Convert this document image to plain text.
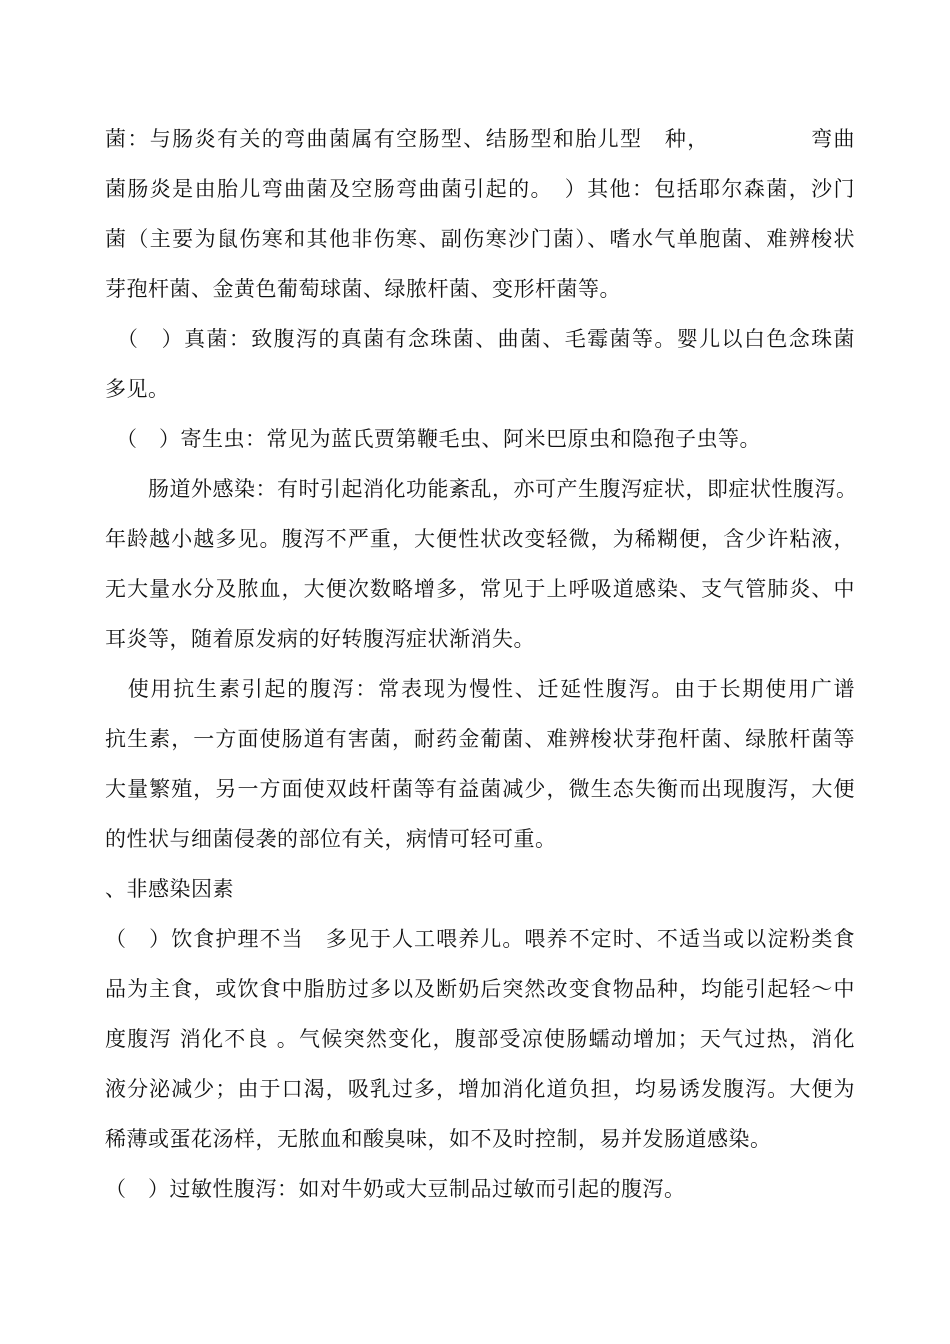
菌：与肠炎有关的弯曲菌属有空肠型、结肠型和胎儿型　种，　　　　　弯曲
菌肠炎是由胎儿弯曲菌及空肠弯曲菌引起的。　）其他：包括耶尔森菌，沙门
菌（主要为鼠伤寒和其他非伤寒、副伤寒沙门菌）、嗜水气单胞菌、难辨梭状
芽孢杆菌、金黄色葡萄球菌、绿脓杆菌、变形杆菌等。
　（　）真菌：致腹泻的真菌有念珠菌、曲菌、毛霉菌等。婴儿以白色念珠菌
多见。
　（　）寄生虫：常见为蓝氏贾第鞭毛虫、阿米巴原虫和隐孢子虫等。
　　肠道外感染：有时引起消化功能紊乱，亦可产生腹泻症状，即症状性腹泻。
年龄越小越多见。腹泻不严重，大便性状改变轻微，为稀糊便，含少许粘液，
无大量水分及脓血，大便次数略增多，常见于上呼吸道感染、支气管肺炎、中
耳炎等，随着原发病的好转腹泻症状渐消失。
　使用抗生素引起的腹泻：常表现为慢性、迁延性腹泻。由于长期使用广谱
抗生素，一方面使肠道有害菌，耐药金葡菌、难辨梭状芽孢杆菌、绿脓杆菌等
大量繁殖，另一方面使双歧杆菌等有益菌减少，微生态失衡而出现腹泻，大便
的性状与细菌侵袭的部位有关，病情可轻可重。
、非感染因素
（　）饮食护理不当　多见于人工喂养儿。喂养不定时、不适当或以淀粉类食
品为主食，或饮食中脂肪过多以及断奶后突然改变食物品种，均能引起轻～中
度腹泻 消化不良 。气候突然变化，腹部受凉使肠蠕动增加；天气过热，消化
液分泌减少；由于口渴，吸乳过多，增加消化道负担，均易诱发腹泻。大便为
稀薄或蛋花汤样，无脓血和酸臭味，如不及时控制，易并发肠道感染。
（　）过敏性腹泻：如对牛奶或大豆制品过敏而引起的腹泻。
